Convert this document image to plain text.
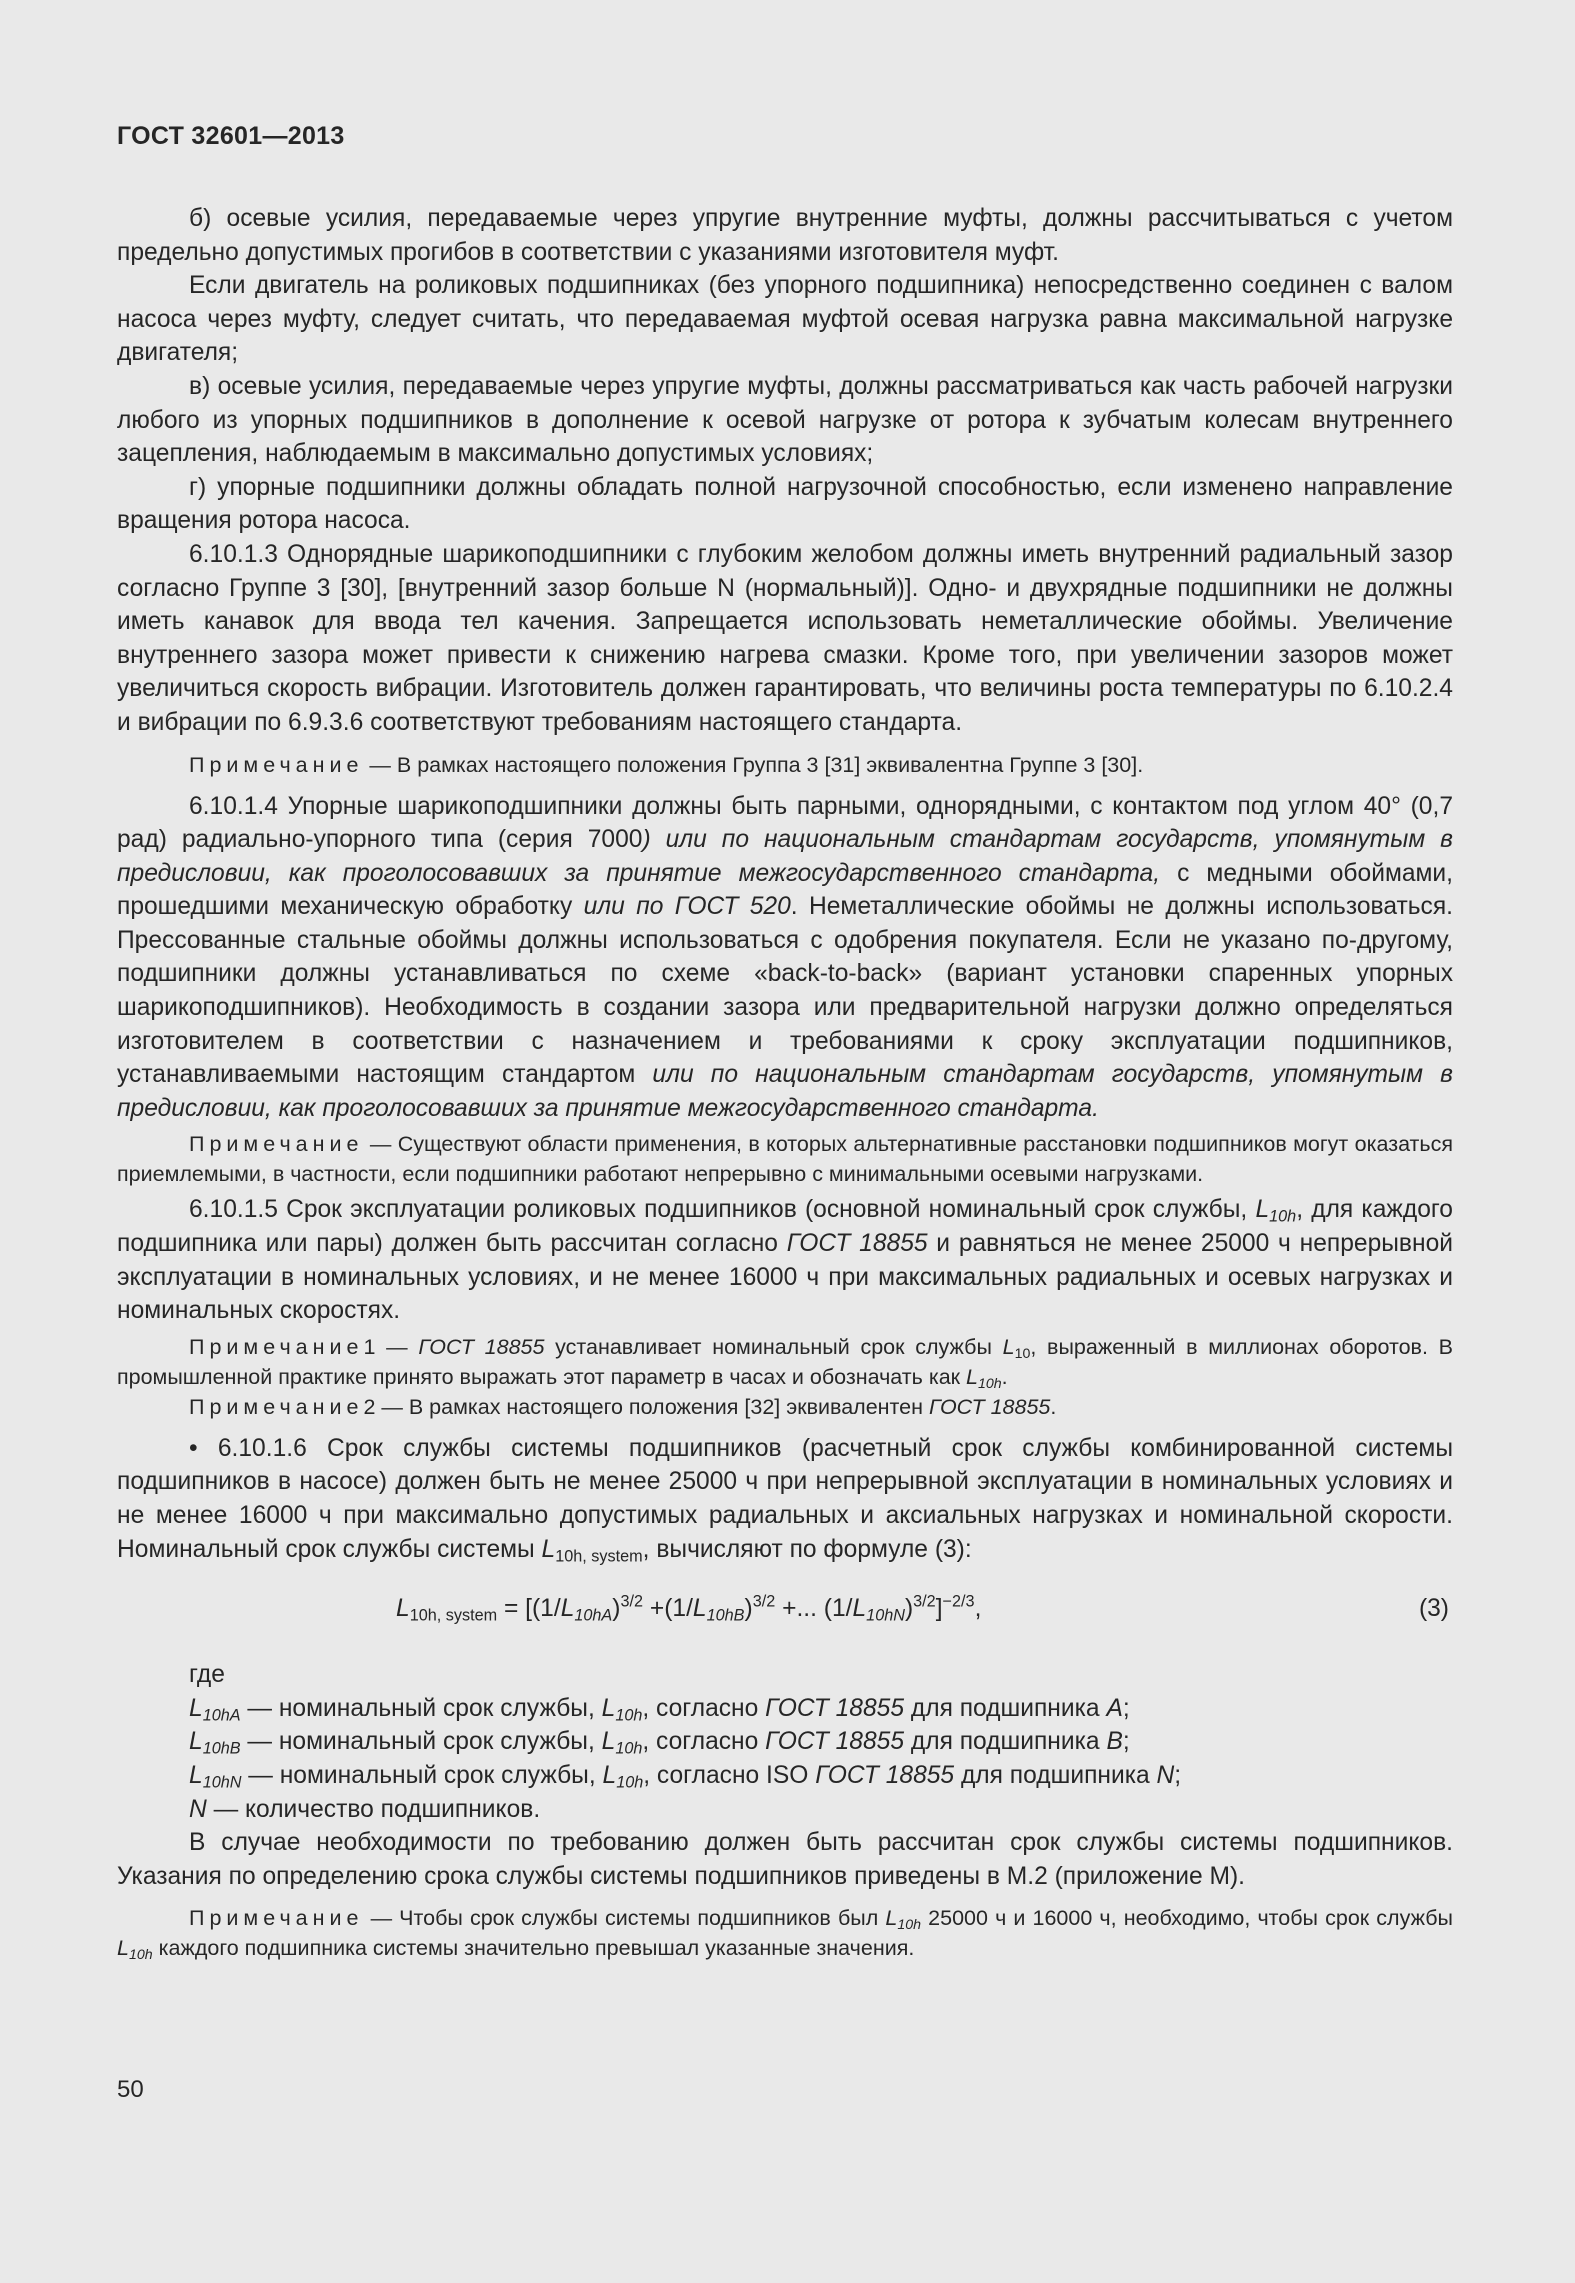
ГОСТ 32601—2013

б) осевые усилия, передаваемые через упругие внутренние муфты, должны рассчитываться с учетом предельно допустимых прогибов в соответствии с указаниями изготовителя муфт.

Если двигатель на роликовых подшипниках (без упорного подшипника) непосредственно соединен с валом насоса через муфту, следует считать, что передаваемая муфтой осевая нагрузка равна максимальной нагрузке двигателя;

в) осевые усилия, передаваемые через упругие муфты, должны рассматриваться как часть рабочей нагрузки любого из упорных подшипников в дополнение к осевой нагрузке от ротора к зубчатым колесам внутреннего зацепления, наблюдаемым в максимально допустимых условиях;

г) упорные подшипники должны обладать полной нагрузочной способностью, если изменено направление вращения ротора насоса.

6.10.1.3 Однорядные шарикоподшипники с глубоким желобом должны иметь внутренний радиальный зазор согласно Группе 3 [30], [внутренний зазор больше N (нормальный)]. Одно- и двухрядные подшипники не должны иметь канавок для ввода тел качения. Запрещается использовать неметаллические обоймы. Увеличение внутреннего зазора может привести к снижению нагрева смазки. Кроме того, при увеличении зазоров может увеличиться скорость вибрации. Изготовитель должен гарантировать, что величины роста температуры по 6.10.2.4 и вибрации по 6.9.3.6 соответствуют требованиям настоящего стандарта.

Примечание — В рамках настоящего положения Группа 3 [31] эквивалентна Группе 3 [30].

6.10.1.4 Упорные шарикоподшипники должны быть парными, однорядными, с контактом под углом 40° (0,7 рад) радиально-упорного типа (серия 7000) или по национальным стандартам государств, упомянутым в предисловии, как проголосовавших за принятие межгосударственного стандарта, с медными обоймами, прошедшими механическую обработку или по ГОСТ 520. Неметаллические обоймы не должны использоваться. Прессованные стальные обоймы должны использоваться с одобрения покупателя. Если не указано по-другому, подшипники должны устанавливаться по схеме «back-to-back» (вариант установки спаренных упорных шарикоподшипников). Необходимость в создании зазора или предварительной нагрузки должно определяться изготовителем в соответствии с назначением и требованиями к сроку эксплуатации подшипников, устанавливаемыми настоящим стандартом или по национальным стандартам государств, упомянутым в предисловии, как проголосовавших за принятие межгосударственного стандарта.

Примечание — Существуют области применения, в которых альтернативные расстановки подшипников могут оказаться приемлемыми, в частности, если подшипники работают непрерывно с минимальными осевыми нагрузками.

6.10.1.5 Срок эксплуатации роликовых подшипников (основной номинальный срок службы, $L_{10h}$, для каждого подшипника или пары) должен быть рассчитан согласно ГОСТ 18855 и равняться не менее 25000 ч непрерывной эксплуатации в номинальных условиях, и не менее 16000 ч при максимальных радиальных и осевых нагрузках и номинальных скоростях.

Примечание1 — ГОСТ 18855 устанавливает номинальный срок службы $L_{10}$, выраженный в миллионах оборотов. В промышленной практике принято выражать этот параметр в часах и обозначать как $L_{10h}$.

Примечание2 — В рамках настоящего положения [32] эквивалентен ГОСТ 18855.

• 6.10.1.6 Срок службы системы подшипников (расчетный срок службы комбинированной системы подшипников в насосе) должен быть не менее 25000 ч при непрерывной эксплуатации в номинальных условиях и не менее 16000 ч при максимально допустимых радиальных и аксиальных нагрузках и номинальной скорости. Номинальный срок службы системы $L_{10h, system}$, вычисляют по формуле (3):

$L_{10h, system} = [(1/L_{10hA})^{3/2} +(1/L_{10hB})^{3/2}$ +... $(1/L_{10hN})^{3/2}]^{-2/3}$,	(3)

где

$L_{10hA}$ — номинальный срок службы, $L_{10h}$, согласно ГОСТ 18855 для подшипника A;

$L_{10hB}$ — номинальный срок службы, $L_{10h}$, согласно ГОСТ 18855 для подшипника B;

$L_{10hN}$ — номинальный срок службы, $L_{10h}$, согласно ISO ГОСТ 18855 для подшипника N;

N — количество подшипников.

В случае необходимости по требованию должен быть рассчитан срок службы системы подшипников. Указания по определению срока службы системы подшипников приведены в М.2 (приложение М).

Примечание — Чтобы срок службы системы подшипников был $L_{10h}$ 25000 ч и 16000 ч, необходимо, чтобы срок службы $L_{10h}$ каждого подшипника системы значительно превышал указанные значения.

50
